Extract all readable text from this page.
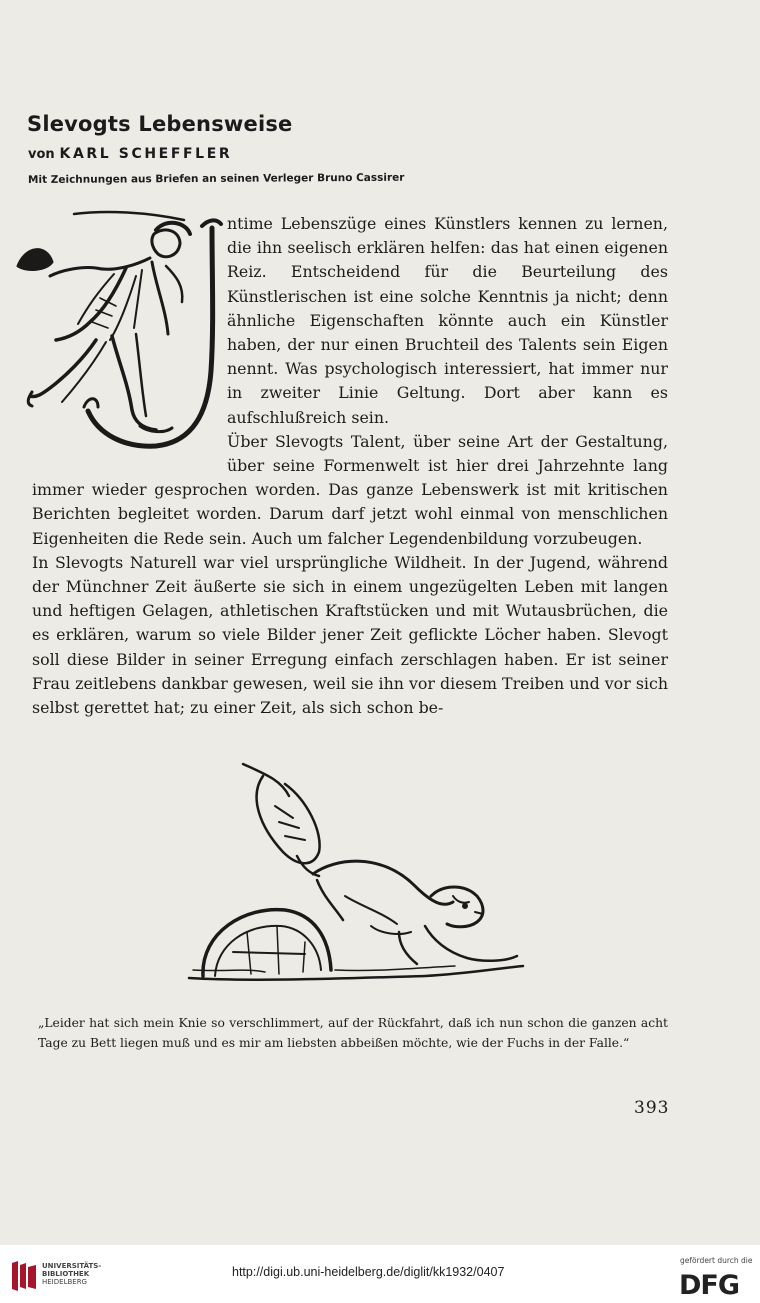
Slevogts Lebensweise
von KARL SCHEFFLER
Mit Zeichnungen aus Briefen an seinen Verleger Bruno Cassirer

ntime Lebenszüge eines Künstlers kennen zu lernen, die ihn seelisch erklären helfen: das hat einen eigenen Reiz. Entscheidend für die Beurteilung des Künstlerischen ist eine solche Kenntnis ja nicht; denn ähnliche Eigenschaften könnte auch ein Künstler haben, der nur einen Bruchteil des Talents sein Eigen nennt. Was psychologisch interessiert, hat immer nur in zweiter Linie Geltung. Dort aber kann es aufschlußreich sein.

Über Slevogts Talent, über seine Art der Gestaltung, über seine Formenwelt ist hier drei Jahrzehnte lang immer wieder gesprochen worden. Das ganze Lebenswerk ist mit kritischen Berichten begleitet worden. Darum darf jetzt wohl einmal von menschlichen Eigenheiten die Rede sein. Auch um falcher Legendenbildung vorzubeugen.

In Slevogts Naturell war viel ursprüngliche Wildheit. In der Jugend, während der Münchner Zeit äußerte sie sich in einem ungezügelten Leben mit langen und heftigen Gelagen, athletischen Kraftstücken und mit Wutausbrüchen, die es erklären, warum so viele Bilder jener Zeit geflickte Löcher haben. Slevogt soll diese Bilder in seiner Erregung einfach zerschlagen haben. Er ist seiner Frau zeitlebens dankbar gewesen, weil sie ihn vor diesem Treiben und vor sich selbst gerettet hat; zu einer Zeit, als sich schon be-

„Leider hat sich mein Knie so verschlimmert, auf der Rückfahrt, daß ich nun schon die ganzen acht Tage zu Bett liegen muß und es mir am liebsten abbeißen möchte, wie der Fuchs in der Falle.“

393
UNIVERSITÄTS-
BIBLIOTHEK
HEIDELBERG
http://digi.ub.uni-heidelberg.de/diglit/kk1932/0407
gefördert durch die
DFG
